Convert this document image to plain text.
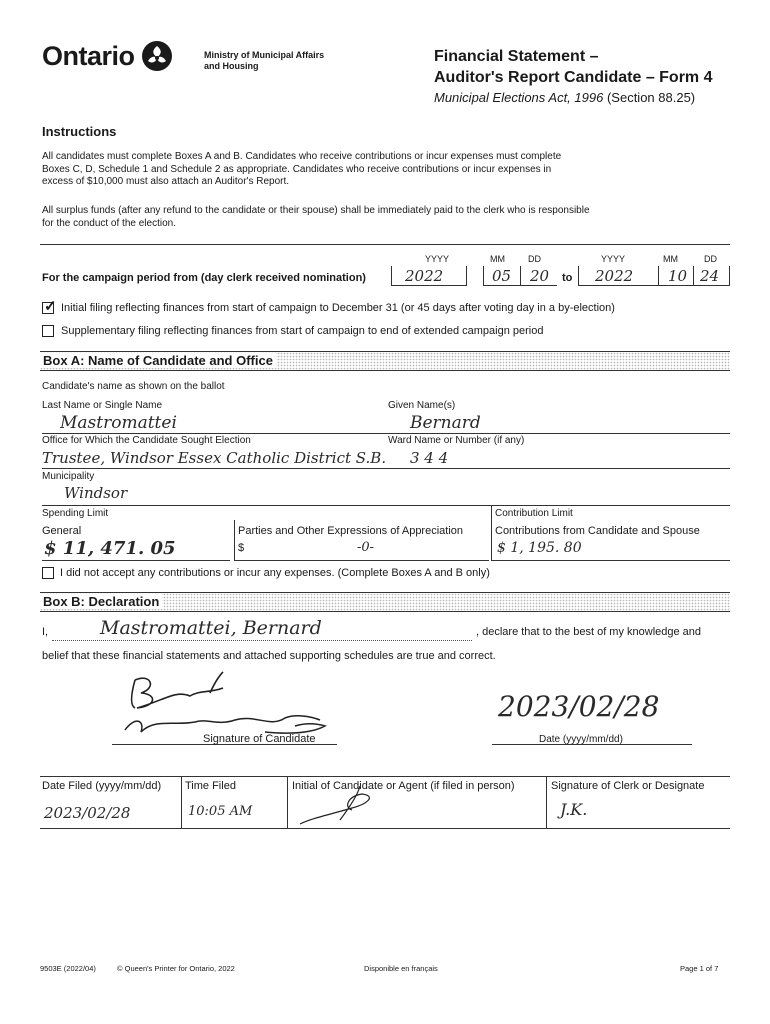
Ontario	Ministry of Municipal Affairs
and Housing
Financial Statement –
Auditor's Report Candidate – Form 4
Municipal Elections Act, 1996 (Section 88.25)
Instructions
All candidates must complete Boxes A and B. Candidates who receive contributions or incur expenses must complete
Boxes C, D, Schedule 1 and Schedule 2 as appropriate. Candidates who receive contributions or incur expenses in
excess of $10,000 must also attach an Auditor's Report.
All surplus funds (after any refund to the candidate or their spouse) shall be immediately paid to the clerk who is responsible
for the conduct of the election.
YYYY	MM	DD	YYYY	MM	DD
For the campaign period from (day clerk received nomination)	2022	05 20 to 2022 10 24
✓ Initial filing reflecting finances from start of campaign to December 31 (or 45 days after voting day in a by-election)
Supplementary filing reflecting finances from start of campaign to end of extended campaign period
Box A: Name of Candidate and Office
Candidate's name as shown on the ballot
Last Name or Single Name	Given Name(s)
Mastromattei	Bernard
Office for Which the Candidate Sought Election	Ward Name or Number (if any)
Trustee, Windsor Essex Catholic District S.B. 3 4 4
Municipality
Windsor
Spending Limit
General
$ 11, 471. 05
Parties and Other Expressions of Appreciation
$	-0-
Contribution Limit
Contributions from Candidate and Spouse
$ 1, 195. 80
I did not accept any contributions or incur any expenses. (Complete Boxes A and B only)
Box B: Declaration
I,	Mastromattei, Bernard	, declare that to the best of my knowledge and
belief that these financial statements and attached supporting schedules are true and correct.
Signature of Candidate
2023/02/28
Date (yyyy/mm/dd)
Date Filed (yyyy/mm/dd)
2023/02/28
Time Filed
10:05 AM
Initial of Candidate or Agent (if filed in person)	Signature of Clerk or Designate
J.K.
9503E (2022/04)	© Queen's Printer for Ontario, 2022	Disponible en français	Page 1 of 7
